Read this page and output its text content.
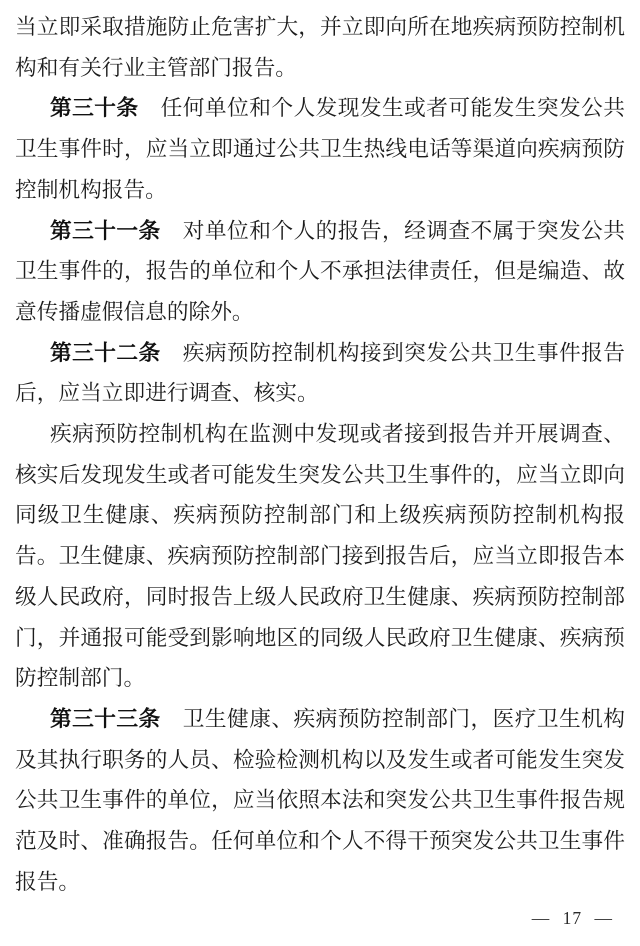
当立即采取措施防止危害扩大，并立即向所在地疾病预防控制机构和有关行业主管部门报告。

第三十条　任何单位和个人发现发生或者可能发生突发公共卫生事件时，应当立即通过公共卫生热线电话等渠道向疾病预防控制机构报告。

第三十一条　对单位和个人的报告，经调查不属于突发公共卫生事件的，报告的单位和个人不承担法律责任，但是编造、故意传播虚假信息的除外。

第三十二条　疾病预防控制机构接到突发公共卫生事件报告后，应当立即进行调查、核实。

疾病预防控制机构在监测中发现或者接到报告并开展调查、核实后发现发生或者可能发生突发公共卫生事件的，应当立即向同级卫生健康、疾病预防控制部门和上级疾病预防控制机构报告。卫生健康、疾病预防控制部门接到报告后，应当立即报告本级人民政府，同时报告上级人民政府卫生健康、疾病预防控制部门，并通报可能受到影响地区的同级人民政府卫生健康、疾病预防控制部门。

第三十三条　卫生健康、疾病预防控制部门，医疗卫生机构及其执行职务的人员、检验检测机构以及发生或者可能发生突发公共卫生事件的单位，应当依照本法和突发公共卫生事件报告规范及时、准确报告。任何单位和个人不得干预突发公共卫生事件报告。

— 17 —
